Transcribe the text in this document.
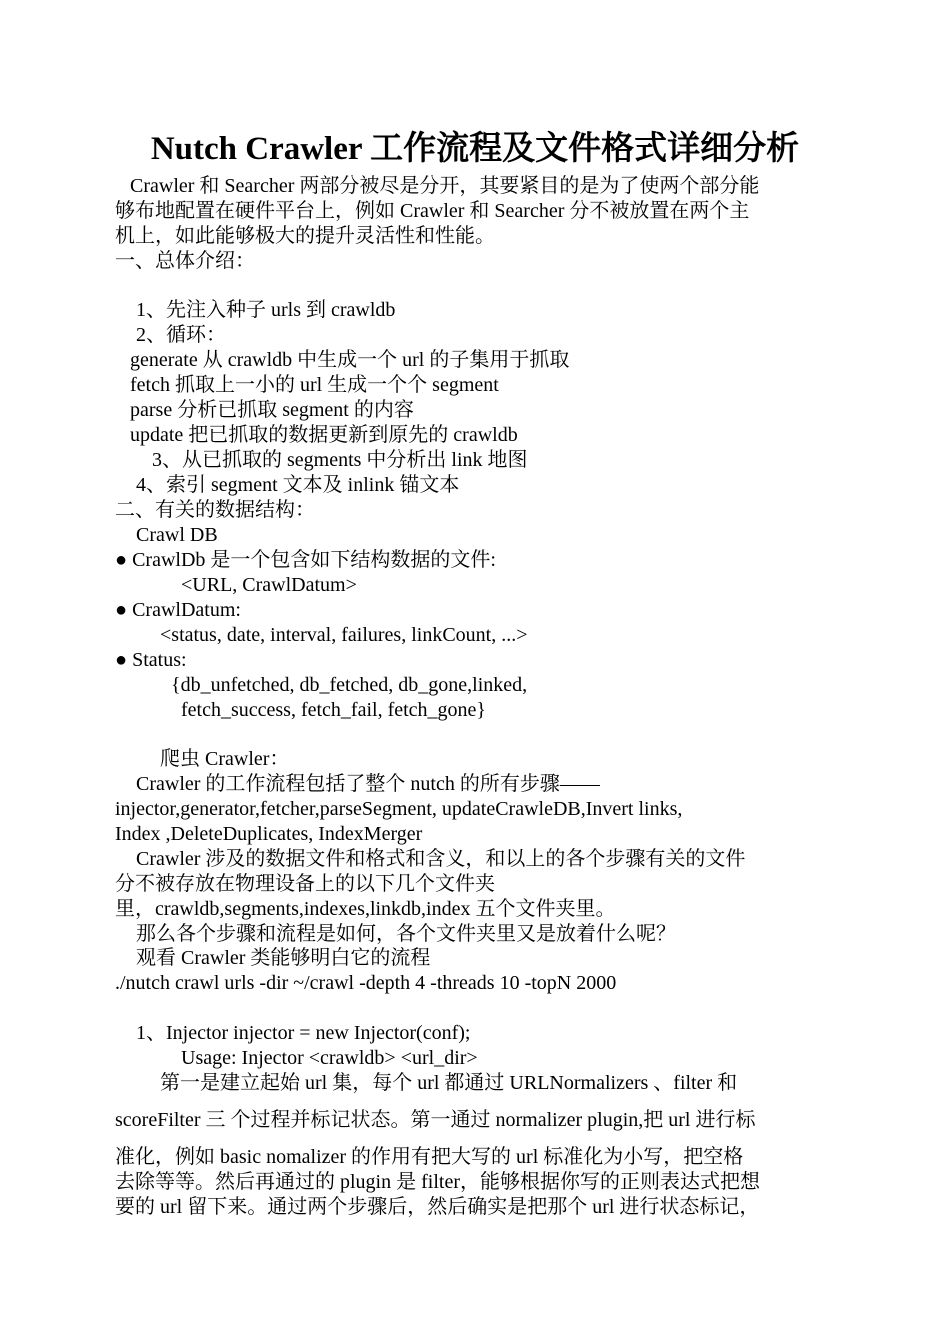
Nutch Crawler 工作流程及文件格式详细分析

Crawler 和 Searcher 两部分被尽是分开，其要紧目的是为了使两个部分能

够布地配置在硬件平台上，例如 Crawler 和 Searcher 分不被放置在两个主

机上，如此能够极大的提升灵活性和性能。

一、总体介绍：

1、先注入种子 urls 到 crawldb

2、循环：

generate 从 crawldb 中生成一个 url 的子集用于抓取

fetch 抓取上一小的 url 生成一个个 segment

parse 分析已抓取 segment 的内容

update 把已抓取的数据更新到原先的 crawldb

3、从已抓取的 segments 中分析出 link 地图

4、索引 segment 文本及 inlink 锚文本

二、有关的数据结构：

Crawl DB

● CrawlDb 是一个包含如下结构数据的文件:

<URL, CrawlDatum>

● CrawlDatum:

<status, date, interval, failures, linkCount, ...>

● Status:

{db_unfetched, db_fetched, db_gone,linked,

fetch_success, fetch_fail, fetch_gone}

爬虫 Crawler：

Crawler 的工作流程包括了整个 nutch 的所有步骤——

injector,generator,fetcher,parseSegment, updateCrawleDB,Invert links,

Index ,DeleteDuplicates, IndexMerger

Crawler 涉及的数据文件和格式和含义，和以上的各个步骤有关的文件

分不被存放在物理设备上的以下几个文件夹

里，crawldb,segments,indexes,linkdb,index 五个文件夹里。

那么各个步骤和流程是如何，各个文件夹里又是放着什么呢？

观看 Crawler 类能够明白它的流程

./nutch crawl urls -dir ~/crawl -depth 4 -threads 10 -topN 2000

1、Injector injector = new Injector(conf);

Usage: Injector <crawldb> <url_dir>

第一是建立起始 url 集，每个 url 都通过 URLNormalizers 、filter 和

scoreFilter 三 个过程并标记状态。第一通过 normalizer plugin,把 url 进行标

准化，例如 basic nomalizer 的作用有把大写的 url 标准化为小写，把空格

去除等等。然后再通过的 plugin 是 filter，能够根据你写的正则表达式把想

要的 url 留下来。通过两个步骤后，然后确实是把那个 url 进行状态标记，
